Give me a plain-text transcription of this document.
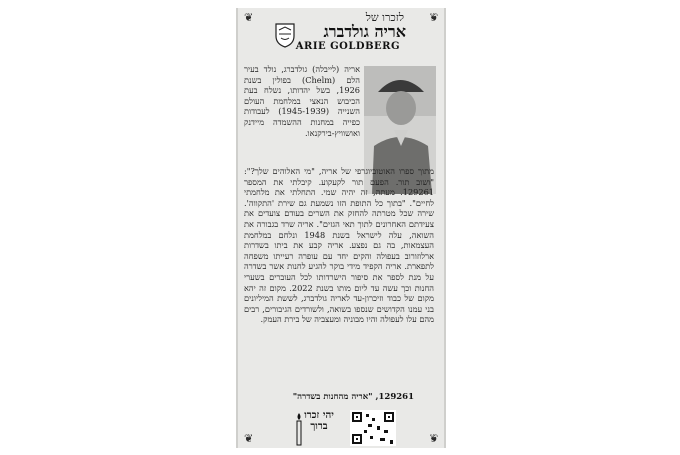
❦	❦
❦	❦
לזכרו של
אריה גולדברג
ARIE GOLDBERG
אריה (לייבלה) גולדברג, נולד בעיר הלם (Chelm) בפולין בשנת 1926, בשל יהדותו, נשלח בעת הכיבוש הנאצי במלחמת העולם השנייה (1945-1939) לעבודות כפייה במחנות ההשמדה מיידנק ואושוויץ-בירקנאו.
מתוך ספרו האוטוביוגרפי של אריה, "מי האלוהים שלך?": "ושוב תור. הפעם תור לקעקוע. קיבלתי את המספר 129261. מעתה, זה יהיה שמי. התחלתי את מלחמתי לחיים". "בתוך כל התופת הזו נשמעת גם שירת 'התקווה'. שירה שכל מטרתה להחזק את השרים בעודם צועדים את צעידתם האחרונים לתוך תאי הגזים". אריה שרד בגבורה את השואה, עלה לישראל בשנת 1948 ונלחם במלחמת העצמאות, בה גם נפצע. אריה קבע את ביתו בשדרות ארלוזורוב בעפולה והקים יחד עם עופרה רעייתו משפחה לתפארת. אריה הקפיד מידי בוקר להגיע לחנות אשר בשדרה על מנת לספר את סיפור הישרדותו לכל העוברים בשערי החנות וכך עשה עד ליום מותו בשנת 2022. מקום זה יהא מקום של כבוד וזיכרון-עד לאריה גולדברג, לששת המיליונים בני עמנו הקדושים שנספו בשואה, ולשורדים הגיבורים, רבים מהם עלו לעפולה והיו מבוניה ומעצביה של בירת העמק.
129261, "אריה מהחנות בשדרה"
יהי זכרו ברוך
